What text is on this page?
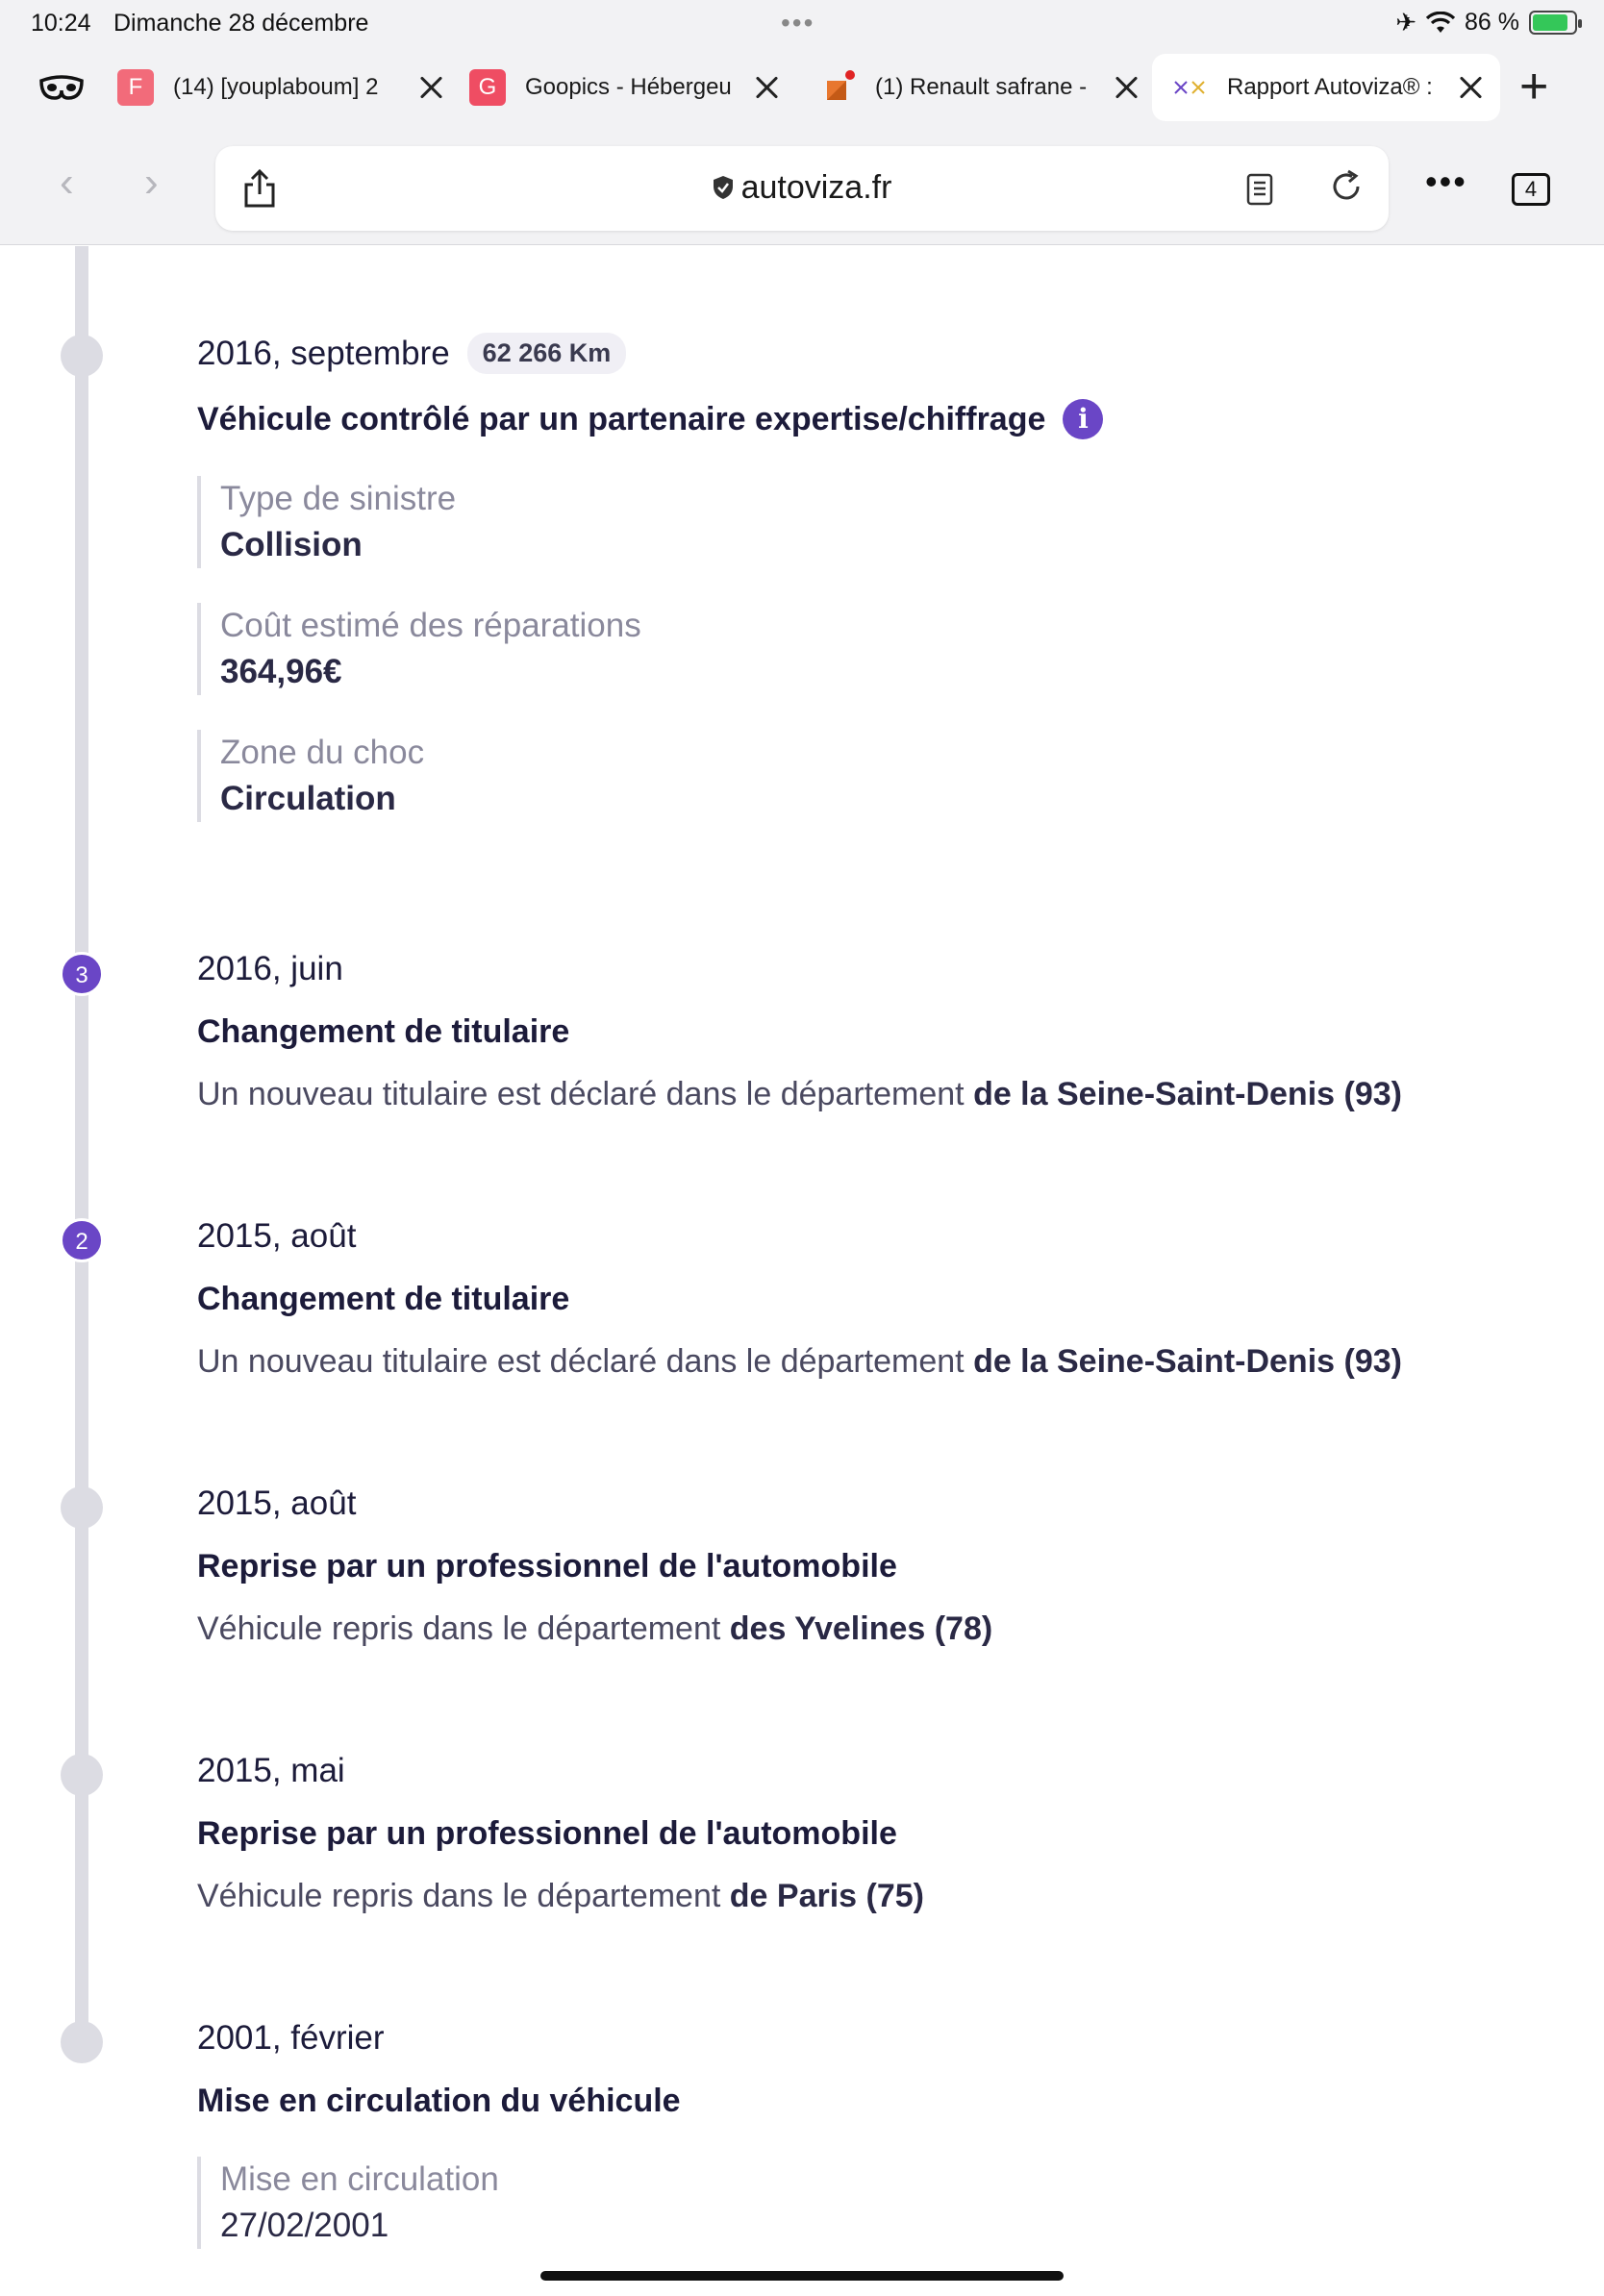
10:24 Dimanche 28 décembre	•••	✈ 86 %
F	(14) [youplaboum] 2	G	Goopics - Hébergeu	(1) Renault safrane -	Rapport Autoviza® :	+
‹ ›	autoviza.fr	•••	4
2016, septembre	62 266 Km
Véhicule contrôlé par un partenaire expertise/chiffrage	i
Type de sinistre
Collision
Coût estimé des réparations
364,96€
Zone du choc
Circulation
3	2016, juin
Changement de titulaire
Un nouveau titulaire est déclaré dans le département de la Seine-Saint-Denis (93)
2	2015, août
Changement de titulaire
Un nouveau titulaire est déclaré dans le département de la Seine-Saint-Denis (93)
2015, août
Reprise par un professionnel de l'automobile
Véhicule repris dans le département des Yvelines (78)
2015, mai
Reprise par un professionnel de l'automobile
Véhicule repris dans le département de Paris (75)
2001, février
Mise en circulation du véhicule
Mise en circulation
27/02/2001
